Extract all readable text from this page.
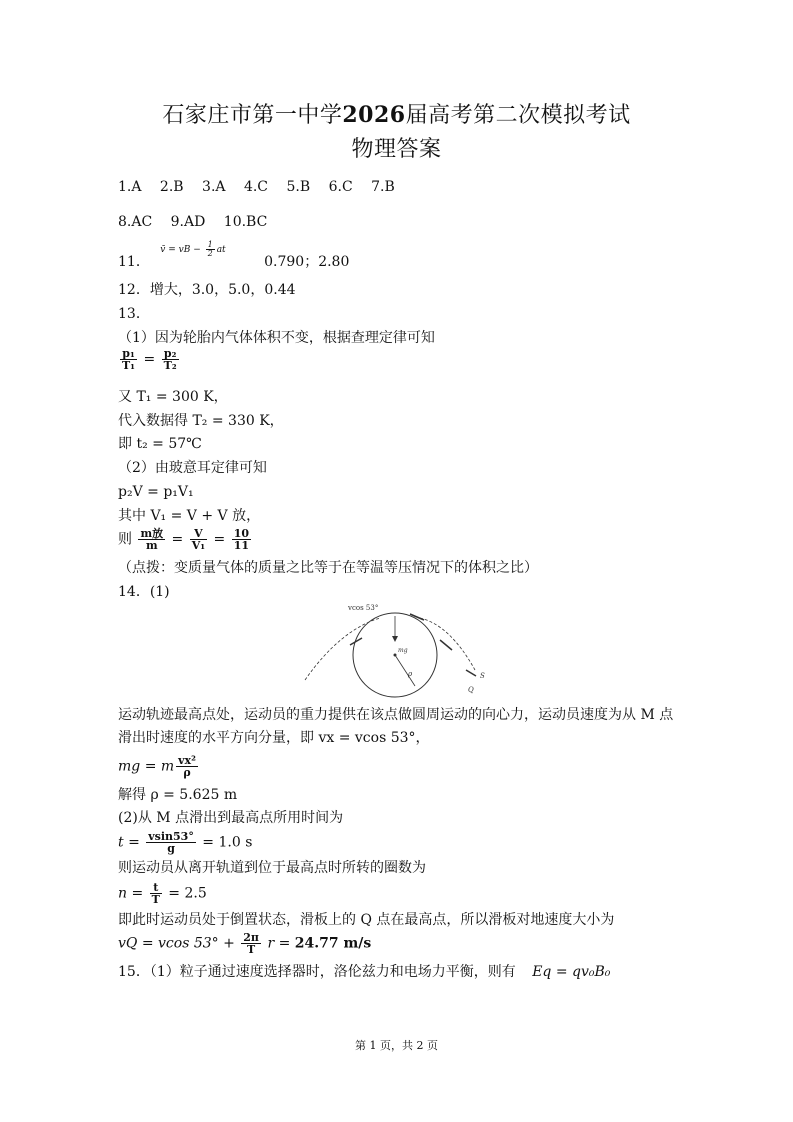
石家庄市第一中学2026届高考第二次模拟考试
物理答案
1.A 2.B 3.A 4.C 5.B 6.C 7.B
8.AC 9.AD 10.BC
11． $^{v̄ = vB - \frac{1}{2} at}$ 0.790；2.80
12．增大，3.0，5.0，0.44
13．
（1）因为轮胎内气体体积不变，根据查理定律可知
$\frac{\text{p₁}}{\text{T₁}} = \frac{\text{p₂}}{\text{T₂}}$
又 T₁ = 300 K，
代入数据得 T₂ = 330 K，
即 t₂ = 57℃
（2）由玻意耳定律可知
p₂V = p₁V₁
其中 V₁ = V + V 放，
则 $\frac{\text{m放}}{m} = \frac{V}{\text{V₁}} = \frac{10}{11}$
（点拨：变质量气体的质量之比等于在等温等压情况下的体积之比）
14．(1)
vcos 53°
mg
ρ	S
Q
运动轨迹最高点处，运动员的重力提供在该点做圆周运动的向心力，运动员速度为从 M 点
滑出时速度的水平方向分量，即 vx = vcos 53°，
mg = m $\frac{\text{vx²}}{\rho}$
解得 ρ = 5.625 m
(2)从 M 点滑出到最高点所用时间为
$t = \frac{vsin53^\circ}{g} = 1.0$ s
则运动员从离开轨道到位于最高点时所转的圈数为
$n = \frac{t}{T} = 2.5$
即此时运动员处于倒置状态，滑板上的 Q 点在最高点，所以滑板对地速度大小为
vQ = vcos $53^\circ + \frac{2\pi}{T}$ r = 24.77 m/s
15．（1）粒子通过速度选择器时，洛伦兹力和电场力平衡，则有 Eq = qv₀B₀
第 1 页，共 2 页
